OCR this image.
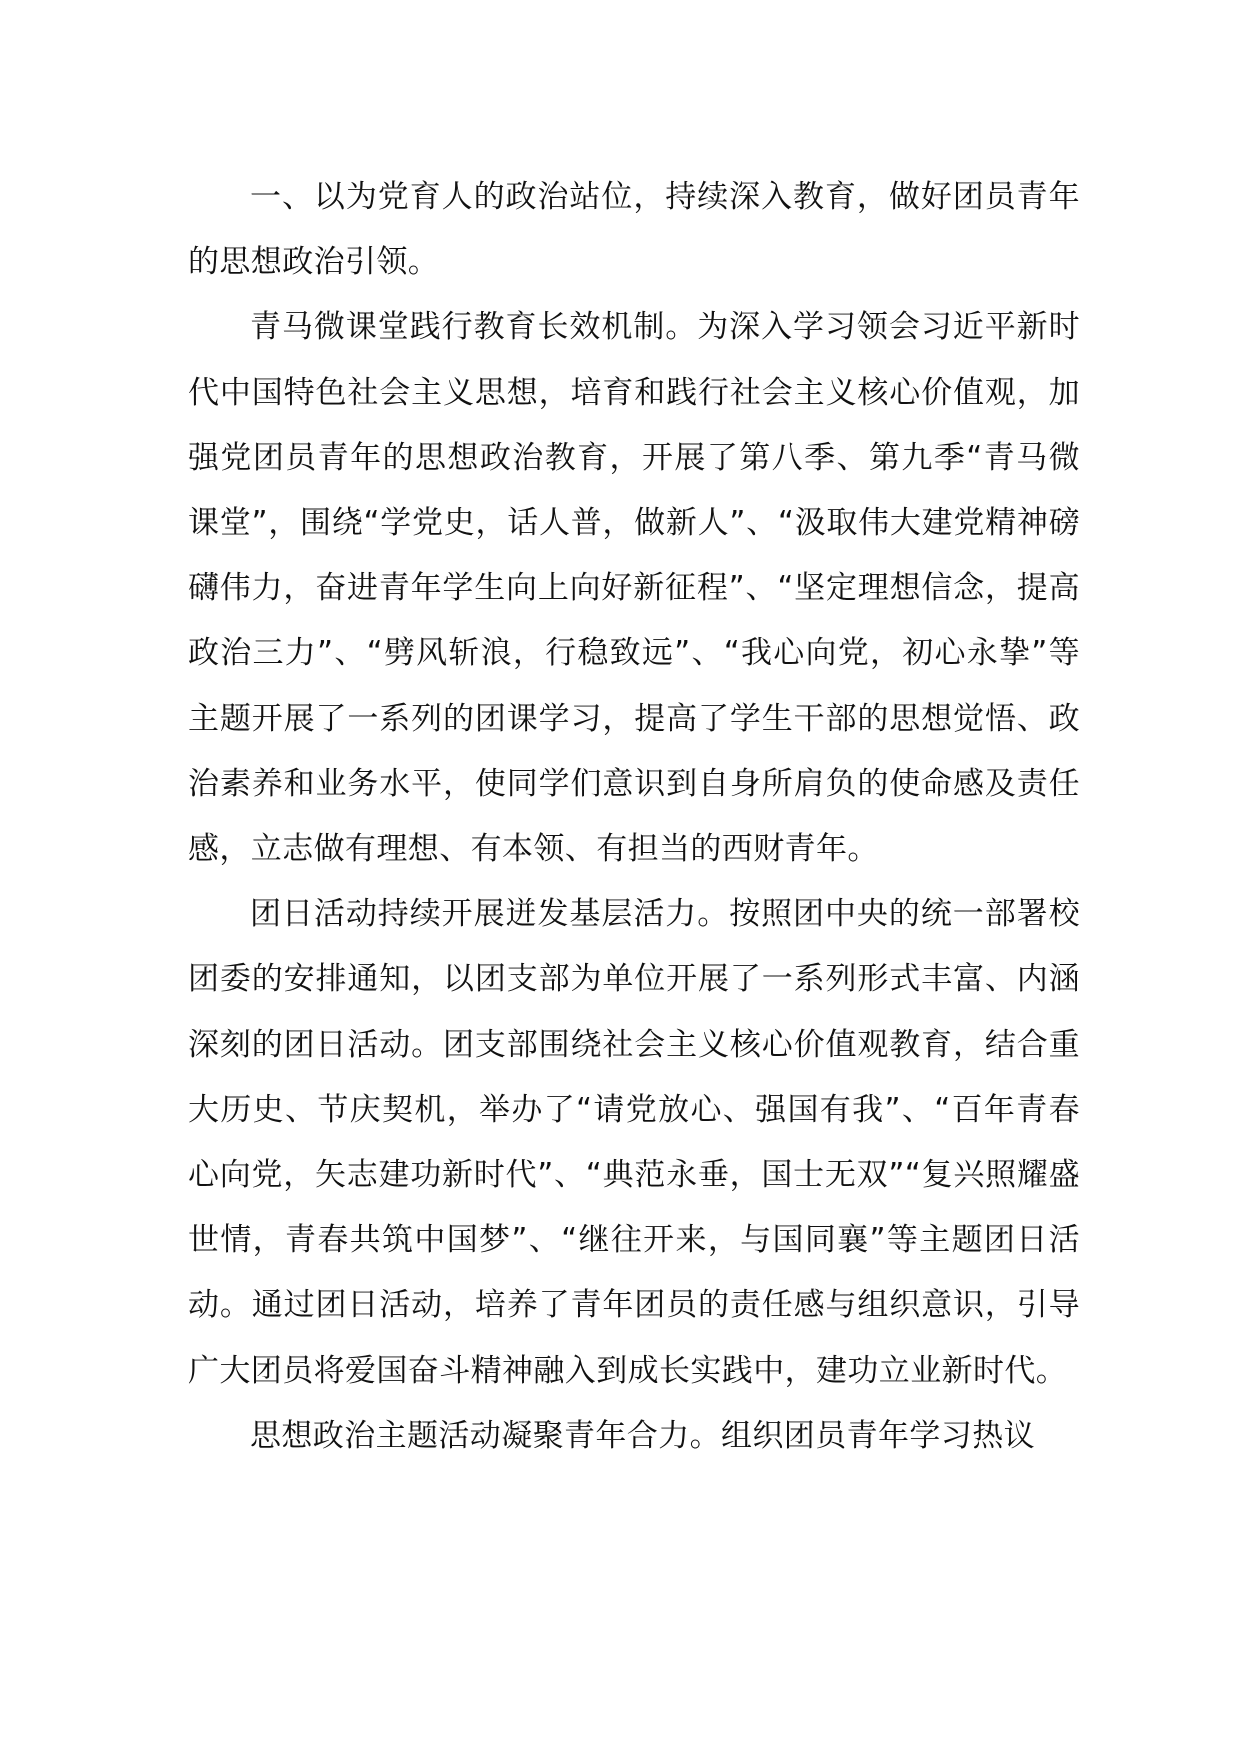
一、以为党育人的政治站位，持续深入教育，做好团员青年的思想政治引领。

青马微课堂践行教育长效机制。为深入学习领会习近平新时代中国特色社会主义思想，培育和践行社会主义核心价值观，加强党团员青年的思想政治教育，开展了第八季、第九季“青马微课堂”，围绕“学党史，话人普，做新人”、“汲取伟大建党精神磅礴伟力，奋进青年学生向上向好新征程”、“坚定理想信念，提高政治三力”、“劈风斩浪，行稳致远”、“我心向党，初心永挚”等主题开展了一系列的团课学习，提高了学生干部的思想觉悟、政治素养和业务水平，使同学们意识到自身所肩负的使命感及责任感，立志做有理想、有本领、有担当的西财青年。

团日活动持续开展迸发基层活力。按照团中央的统一部署校团委的安排通知，以团支部为单位开展了一系列形式丰富、内涵深刻的团日活动。团支部围绕社会主义核心价值观教育，结合重大历史、节庆契机，举办了“请党放心、强国有我”、“百年青春心向党，矢志建功新时代”、“典范永垂，国士无双”“复兴照耀盛世情，青春共筑中国梦”、“继往开来，与国同襄”等主题团日活动。通过团日活动，培养了青年团员的责任感与组织意识，引导广大团员将爱国奋斗精神融入到成长实践中，建功立业新时代。

思想政治主题活动凝聚青年合力。组织团员青年学习热议
